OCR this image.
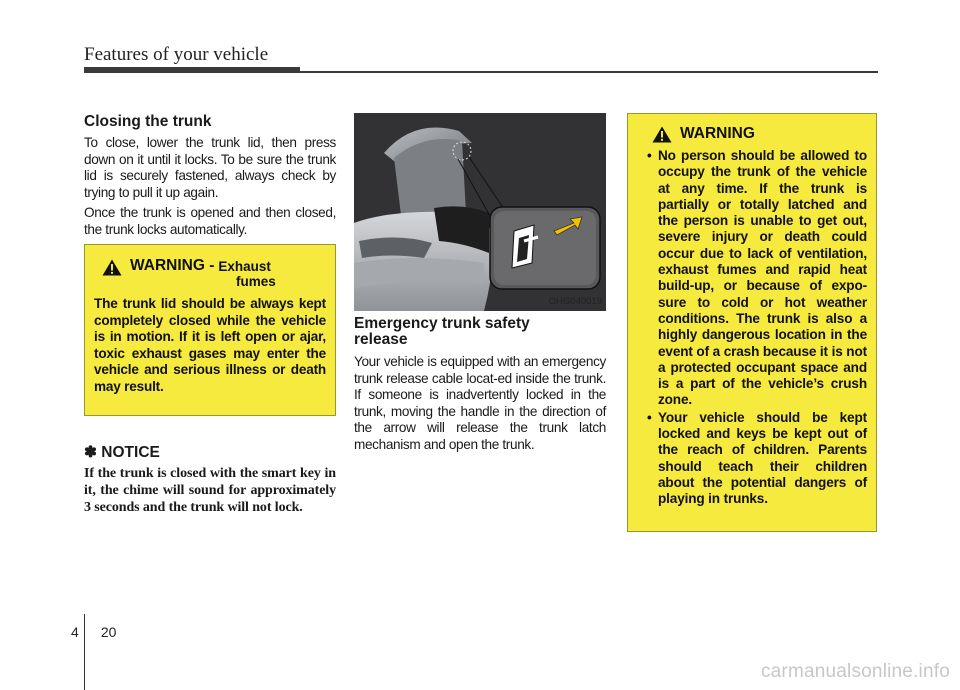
Features of your vehicle
Closing the trunk

To close, lower the trunk lid, then press down on it until it locks. To be sure the trunk lid is securely fastened, always check by trying to pull it up again.

Once the trunk is opened and then closed, the trunk locks automatically.

WARNING - Exhaust
fumes
The trunk lid should be always kept completely closed while the vehicle is in motion. If it is left open or ajar, toxic exhaust gases may enter the vehicle and serious illness or death may result.
✽ NOTICE
If the trunk is closed with the smart key in it, the chime will sound for approximately 3 seconds and the trunk will not lock.
OHG040019
Emergency trunk safety
release

Your vehicle is equipped with an emergency trunk release cable locat-ed inside the trunk. If someone is inadvertently locked in the trunk, moving the handle in the direction of the arrow will release the trunk latch mechanism and open the trunk.

WARNING
• No person should be allowed to occupy the trunk of the vehicle at any time. If the trunk is partially or totally latched and the person is unable to get out, severe injury or death could occur due to lack of ventilation, exhaust fumes and rapid heat build-up, or because of expo-sure to cold or hot weather conditions. The trunk is also a highly dangerous location in the event of a crash because it is not a protected occupant space and is a part of the vehicle’s crush zone.
• Your vehicle should be kept locked and keys be kept out of the reach of children. Parents should teach their children about the potential dangers of playing in trunks.
4 20
carmanualsonline.info
